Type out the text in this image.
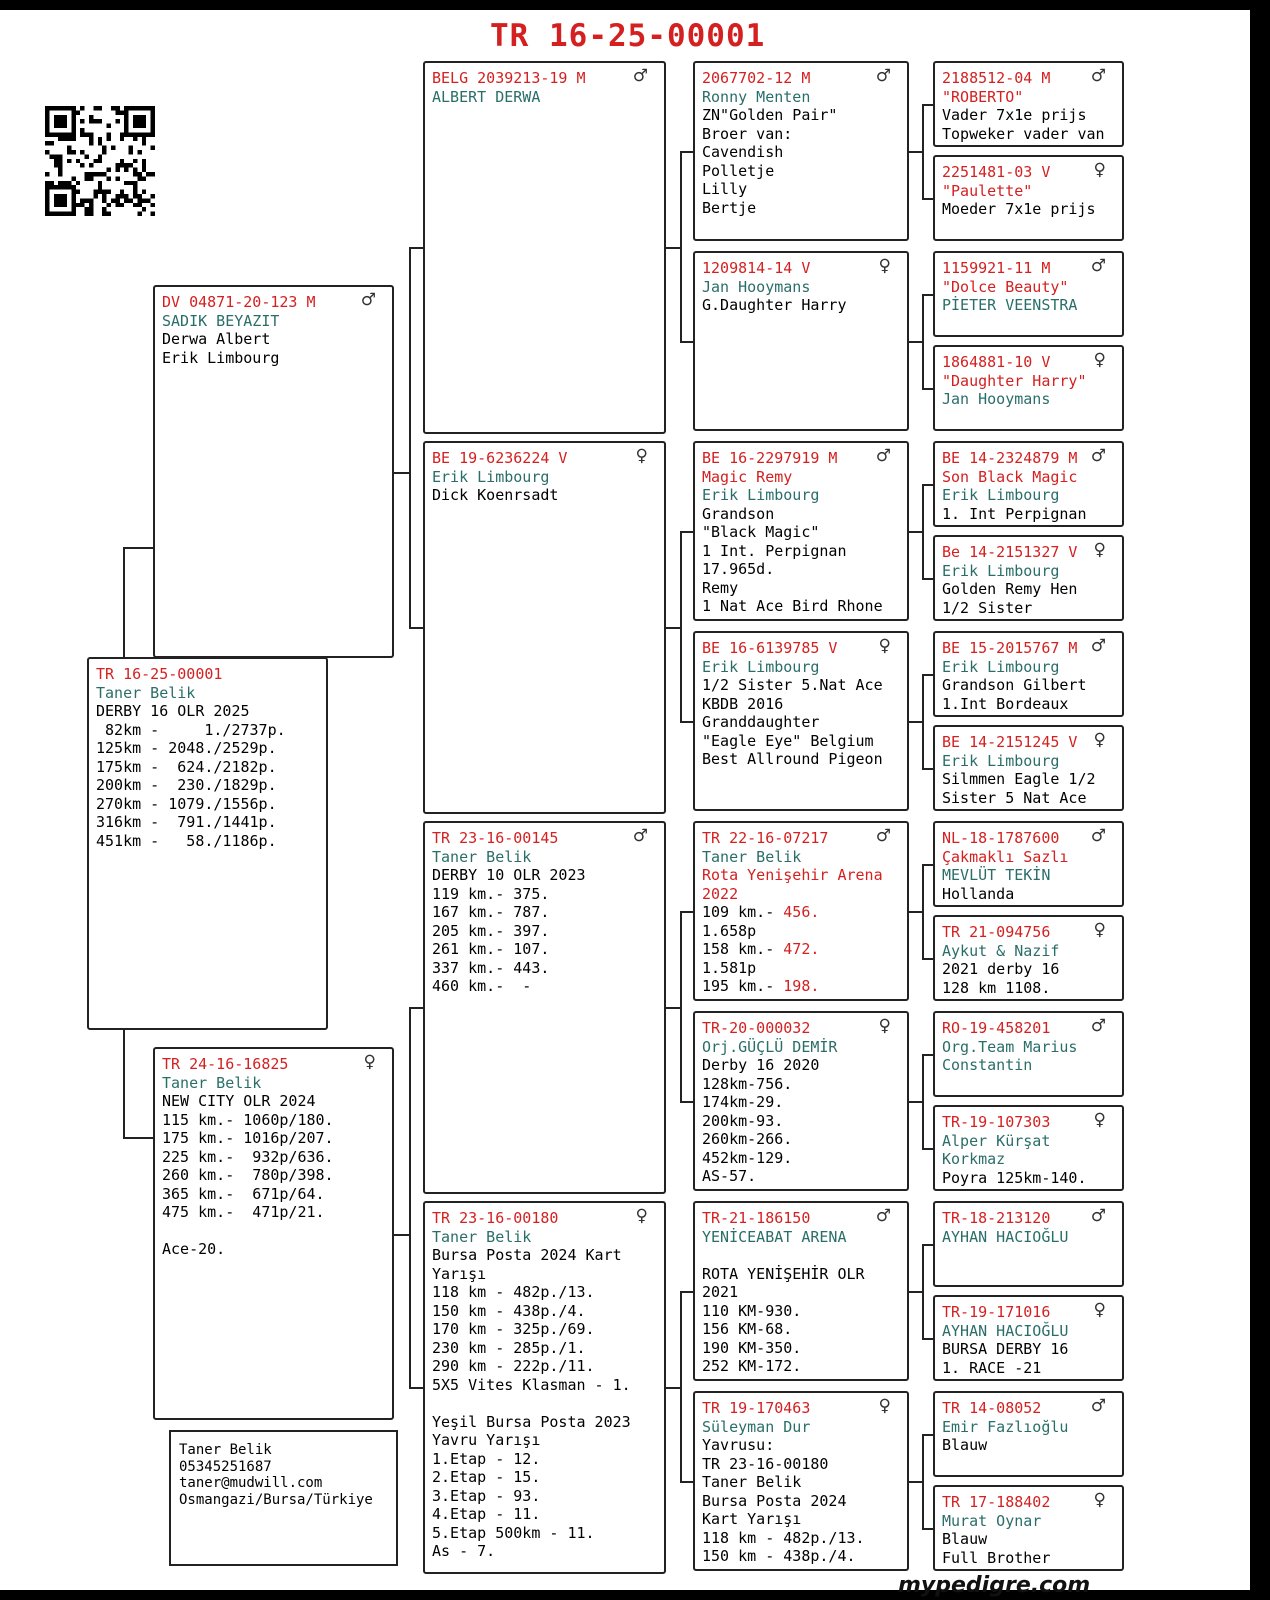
TR 16-25-00001
TR 16-25-00001
Taner Belik
DERBY 16 OLR 2025
82km -     1./2737p.
125km - 2048./2529p.
175km -  624./2182p.
200km -  230./1829p.
270km - 1079./1556p.
316km -  791./1441p.
451km -   58./1186p.
♂
DV 04871-20-123 M
SADIK BEYAZIT
Derwa Albert
Erik Limbourg
♀
TR 24-16-16825
Taner Belik
NEW CITY OLR 2024
115 km.- 1060p/180.
175 km.- 1016p/207.
225 km.-  932p/636.
260 km.-  780p/398.
365 km.-  671p/64.
475 km.-  471p/21.

Ace-20.
♂
BELG 2039213-19 M
ALBERT DERWA
♀
BE 19-6236224 V
Erik Limbourg
Dick Koenrsadt
♂
TR 23-16-00145
Taner Belik
DERBY 10 OLR 2023
119 km.- 375.
167 km.- 787.
205 km.- 397.
261 km.- 107.
337 km.- 443.
460 km.-  -
♀
TR 23-16-00180
Taner Belik
Bursa Posta 2024 Kart
Yarışı
118 km - 482p./13.
150 km - 438p./4.
170 km - 325p./69.
230 km - 285p./1.
290 km - 222p./11.
5X5 Vites Klasman - 1.

Yeşil Bursa Posta 2023
Yavru Yarışı
1.Etap - 12.
2.Etap - 15.
3.Etap - 93.
4.Etap - 11.
5.Etap 500km - 11.
As - 7.
♂
2067702-12 M
Ronny Menten
ZN"Golden Pair"
Broer van:
Cavendish
Polletje
Lilly
Bertje
♀
1209814-14 V
Jan Hooymans
G.Daughter Harry
♂
BE 16-2297919 M
Magic Remy
Erik Limbourg
Grandson
"Black Magic"
1 Int. Perpignan
17.965d.
Remy
1 Nat Ace Bird Rhone
♀
BE 16-6139785 V
Erik Limbourg
1/2 Sister 5.Nat Ace
KBDB 2016
Granddaughter
"Eagle Eye" Belgium
Best Allround Pigeon
♂
TR 22-16-07217
Taner Belik
Rota Yenişehir Arena
2022
109 km.- 456.
1.658p
158 km.- 472.
1.581p
195 km.- 198.
♀
TR-20-000032
Orj.GÜÇLÜ DEMİR
Derby 16 2020
128km-756.
174km-29.
200km-93.
260km-266.
452km-129.
AS-57.
♂
TR-21-186150
YENİCEABAT ARENA

ROTA YENİŞEHİR OLR
2021
110 KM-930.
156 KM-68.
190 KM-350.
252 KM-172.
♀
TR 19-170463
Süleyman Dur
Yavrusu:
TR 23-16-00180
Taner Belik
Bursa Posta 2024
Kart Yarışı
118 km - 482p./13.
150 km - 438p./4.
♂
2188512-04 M
"ROBERTO"
Vader 7x1e prijs
Topweker vader van
♀
2251481-03 V
"Paulette"
Moeder 7x1e prijs
♂
1159921-11 M
"Dolce Beauty"
PİETER VEENSTRA
♀
1864881-10 V
"Daughter Harry"
Jan Hooymans
♂
BE 14-2324879 M
Son Black Magic
Erik Limbourg
1. Int Perpignan
♀
Be 14-2151327 V
Erik Limbourg
Golden Remy Hen
1/2 Sister
♂
BE 15-2015767 M
Erik Limbourg
Grandson Gilbert
1.Int Bordeaux
♀
BE 14-2151245 V
Erik Limbourg
Silmmen Eagle 1/2
Sister 5 Nat Ace
♂
NL-18-1787600
Çakmaklı Sazlı
MEVLÜT TEKİN
Hollanda
♀
TR 21-094756
Aykut & Nazif
2021 derby 16
128 km 1108.
♂
RO-19-458201
Org.Team Marius
Constantin
♀
TR-19-107303
Alper Kürşat
Korkmaz
Poyra 125km-140.
♂
TR-18-213120
AYHAN HACIOĞLU
♀
TR-19-171016
AYHAN HACIOĞLU
BURSA DERBY 16
1. RACE -21
♂
TR 14-08052
Emir Fazlıoğlu
Blauw
♀
TR 17-188402
Murat Oynar
Blauw
Full Brother
Taner Belik
05345251687
taner@mudwill.com
Osmangazi/Bursa/Türkiye
mypedigre.com
